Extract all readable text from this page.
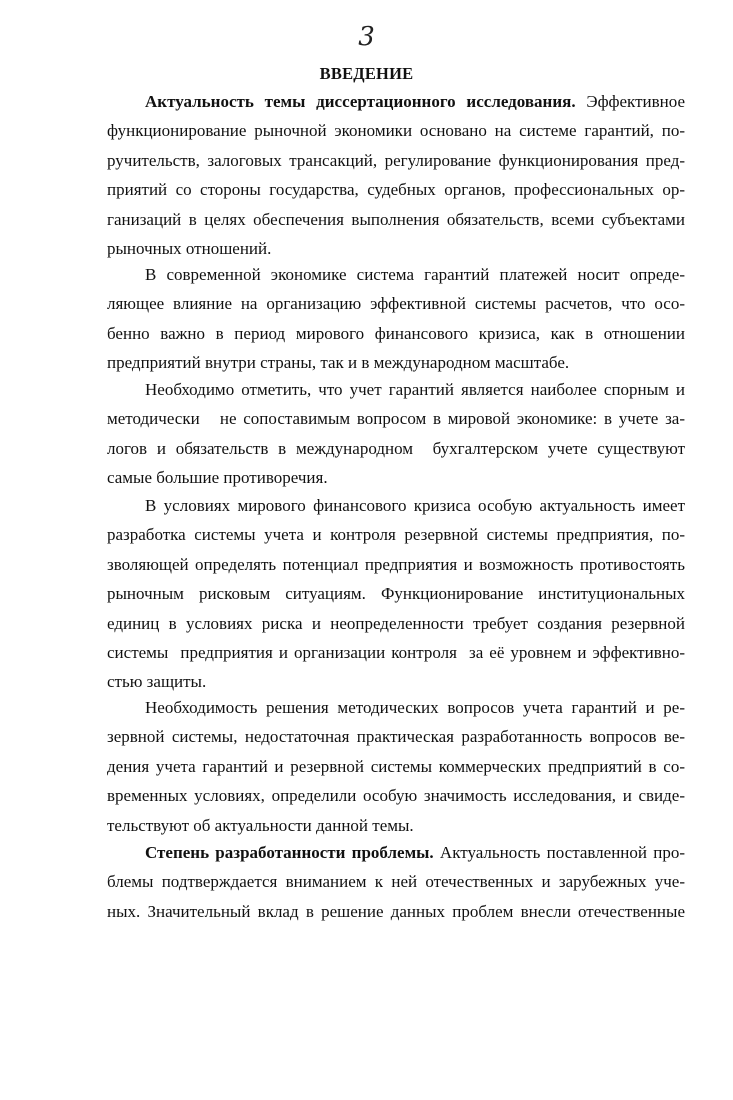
3
ВВЕДЕНИЕ
Актуальность темы диссертационного исследования. Эффективное
функционирование рыночной экономики основано на системе гарантий, по-
ручительств, залоговых трансакций, регулирование функционирования пред-
приятий со стороны государства, судебных органов, профессиональных ор-
ганизаций в целях обеспечения выполнения обязательств, всеми субъектами
рыночных отношений.
В современной экономике система гарантий платежей носит опреде-
ляющее влияние на организацию эффективной системы расчетов, что осо-
бенно важно в период мирового финансового кризиса, как в отношении
предприятий внутри страны, так и в международном масштабе.
Необходимо отметить, что учет гарантий является наиболее спорным и
методически   не сопоставимым вопросом в мировой экономике: в учете за-
логов и обязательств в международном  бухгалтерском учете существуют
самые большие противоречия.
В условиях мирового финансового кризиса особую актуальность имеет
разработка системы учета и контроля резервной системы предприятия, по-
зволяющей определять потенциал предприятия и возможность противостоять
рыночным рисковым ситуациям. Функционирование институциональных
единиц в условиях риска и неопределенности требует создания резервной
системы  предприятия и организации контроля  за её уровнем и эффективно-
стью защиты.
Необходимость решения методических вопросов учета гарантий и ре-
зервной системы, недостаточная практическая разработанность вопросов ве-
дения учета гарантий и резервной системы коммерческих предприятий в со-
временных условиях, определили особую значимость исследования, и свиде-
тельствуют об актуальности данной темы.
Степень разработанности проблемы. Актуальность поставленной про-
блемы подтверждается вниманием к ней отечественных и зарубежных уче-
ных. Значительный вклад в решение данных проблем внесли отечественные
